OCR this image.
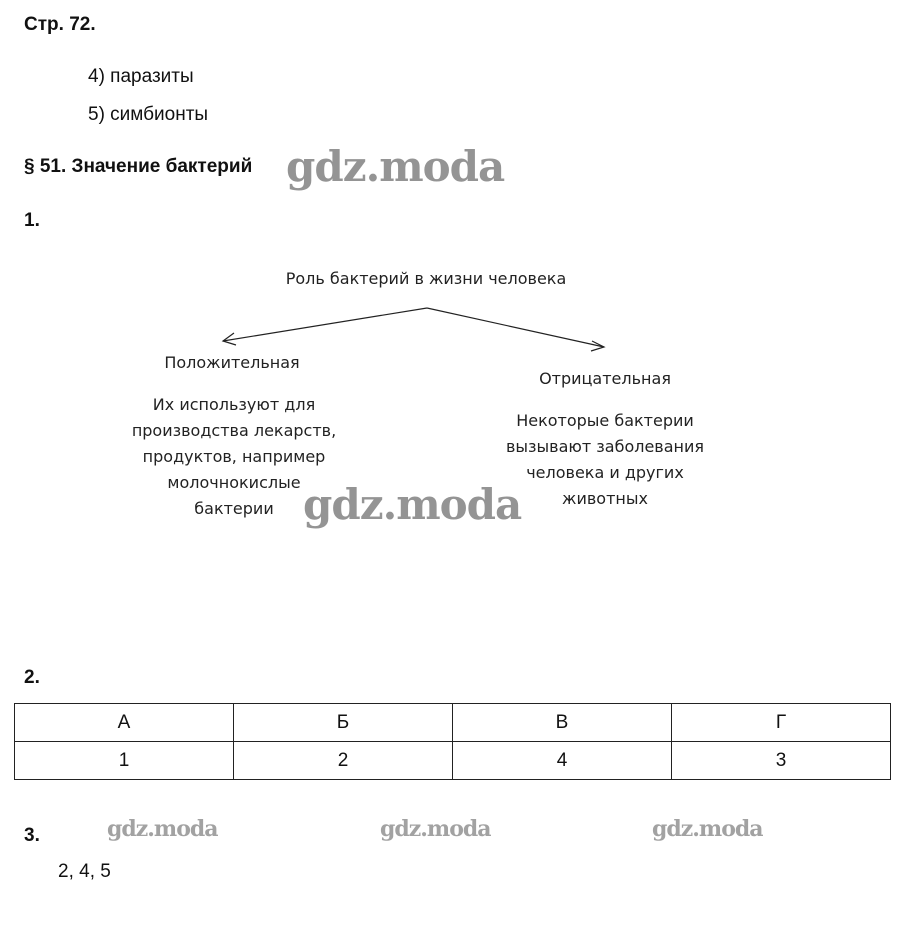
Стр. 72.
4) паразиты
5) симбионты
§ 51. Значение бактерий gdz.moda
1.
Роль бактерий в жизни человека
Положительная
Их используют для
производства лекарств,
продуктов, например
молочнокислые
бактерии
Отрицательная
Некоторые бактерии
вызывают заболевания
человека и других
животных
gdz.moda
2.
А	Б	В	Г
1	2	4	3
3.	gdz.moda	gdz.moda	gdz.moda
2, 4, 5
